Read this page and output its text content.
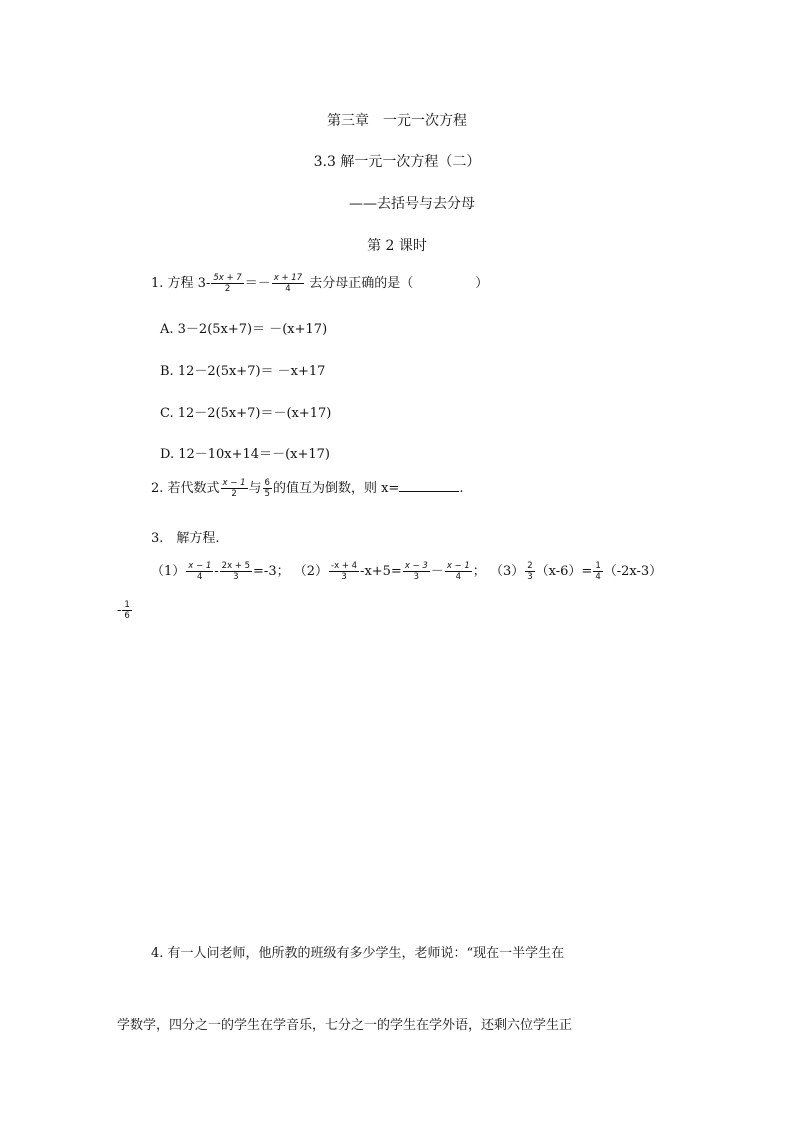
第三章　一元一次方程
3.3 解一元一次方程（二）
——去括号与去分母
第 2 课时
1. 方程 $3- \frac{5x + 7}{2} =- \frac{x + 17}{4}$ 去分母正确的是（	）
A. 3－2(5x+7)＝ －(x+17)
B. 12－2(5x+7)＝ －x+17
C. 12－2(5x+7)＝－(x+17)
D. 12－10x+14＝－(x+17)
2. 若代数式 $\frac{x - 1}{2}$ 与 $\frac{6}{5}$ 的值互为倒数，则 x=	.
3.　解方程.
$(1) \frac{x - 1}{4} - \frac{2x + 5}{3} =-3$； $(2) \frac{-x + 4}{3} -x+5= \frac{x - 3}{3} - \frac{x - 1}{4}$ ； $(3) \frac{2}{3} (x-6)= \frac{1}{4} (-2x-3)$
- $\frac{1}{6}$
4. 有一人问老师，他所教的班级有多少学生，老师说：“现在一半学生在
学数学，四分之一的学生在学音乐，七分之一的学生在学外语，还剩六位学生正
